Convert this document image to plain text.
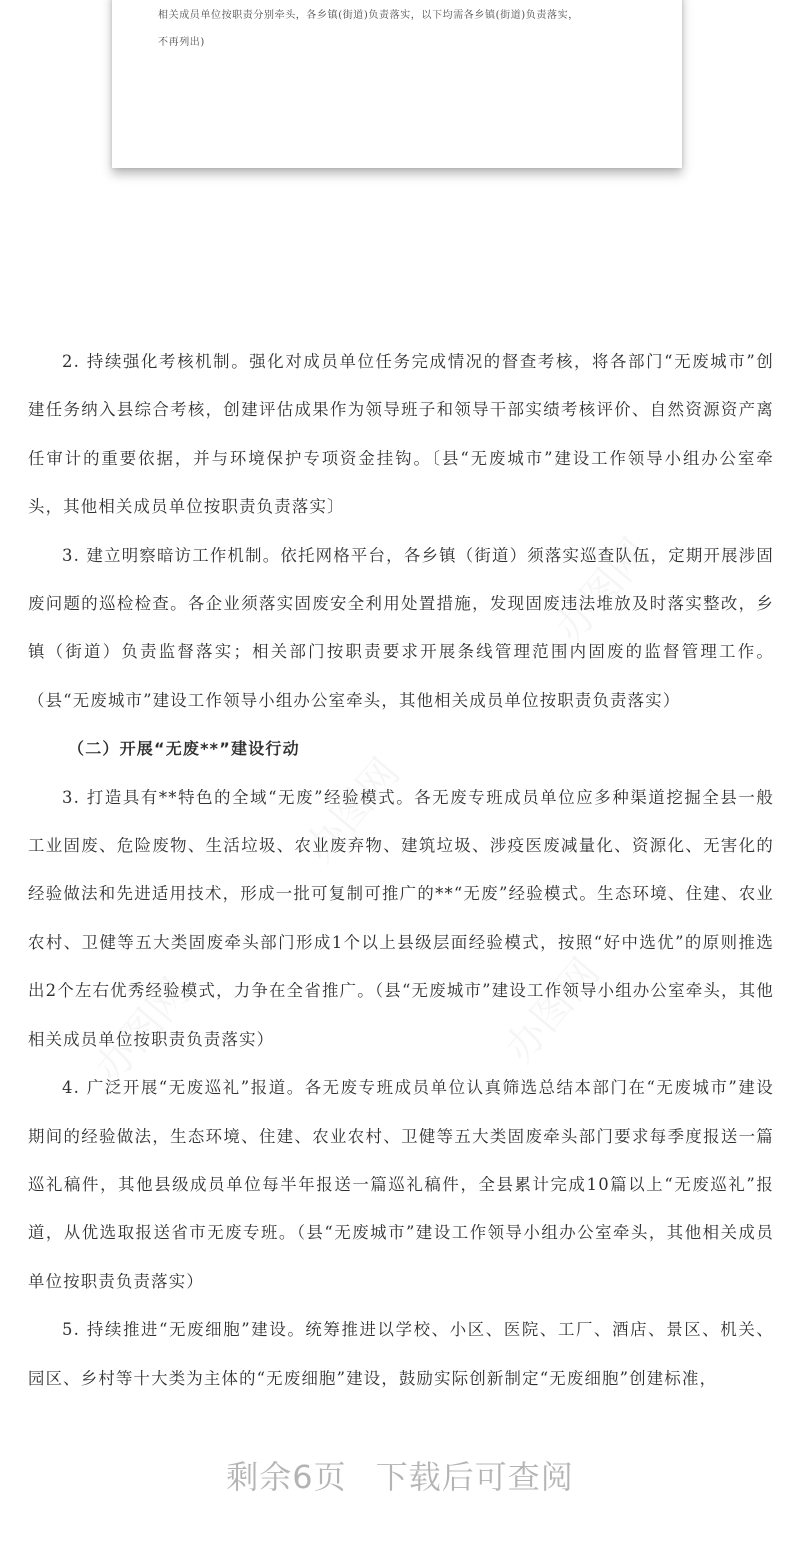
相关成员单位按职责分别牵头，各乡镇(街道)负责落实，以下均需各乡镇(街道)负责落实，
不再列出)

2. 持续强化考核机制。强化对成员单位任务完成情况的督查考核，将各部门“无废城市”创建任务纳入县综合考核，创建评估成果作为领导班子和领导干部实绩考核评价、自然资源资产离任审计的重要依据，并与环境保护专项资金挂钩。〔县“无废城市”建设工作领导小组办公室牵头，其他相关成员单位按职责负责落实〕

3. 建立明察暗访工作机制。依托网格平台，各乡镇（街道）须落实巡查队伍，定期开展涉固废问题的巡检检查。各企业须落实固废安全利用处置措施，发现固废违法堆放及时落实整改，乡镇（街道）负责监督落实；相关部门按职责要求开展条线管理范围内固废的监督管理工作。（县“无废城市”建设工作领导小组办公室牵头，其他相关成员单位按职责负责落实）

（二）开展“无废**”建设行动

3. 打造具有**特色的全域“无废”经验模式。各无废专班成员单位应多种渠道挖掘全县一般工业固废、危险废物、生活垃圾、农业废弃物、建筑垃圾、涉疫医废减量化、资源化、无害化的经验做法和先进适用技术，形成一批可复制可推广的**“无废”经验模式。生态环境、住建、农业农村、卫健等五大类固废牵头部门形成1个以上县级层面经验模式，按照“好中选优”的原则推选出2个左右优秀经验模式，力争在全省推广。（县“无废城市”建设工作领导小组办公室牵头，其他相关成员单位按职责负责落实）

4. 广泛开展“无废巡礼”报道。各无废专班成员单位认真筛选总结本部门在“无废城市”建设期间的经验做法，生态环境、住建、农业农村、卫健等五大类固废牵头部门要求每季度报送一篇巡礼稿件，其他县级成员单位每半年报送一篇巡礼稿件，全县累计完成10篇以上“无废巡礼”报道，从优选取报送省市无废专班。（县“无废城市”建设工作领导小组办公室牵头，其他相关成员单位按职责负责落实）

5. 持续推进“无废细胞”建设。统筹推进以学校、小区、医院、工厂、酒店、景区、机关、园区、乡村等十大类为主体的“无废细胞”建设，鼓励实际创新制定“无废细胞”创建标准，

剩余6页 下载后可查阅
